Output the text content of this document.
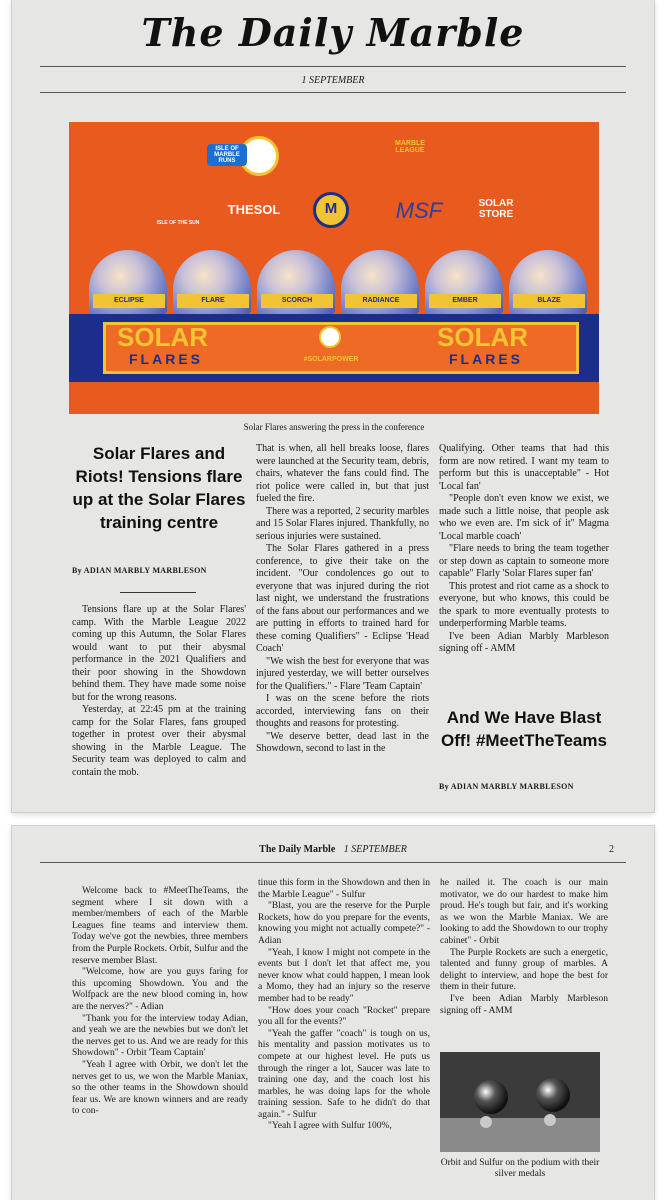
The Daily Marble
1 SEPTEMBER
ISLE OF MARBLE RUNS
MARBLE LEAGUE
ISLE OF THE SUN
THESOL	M	MSF	SOLAR STORE
ECLIPSE	FLARE	SCORCH	RADIANCE	EMBER	BLAZE
SOLAR
FLARES
SOLAR
FLARES
#SOLARPOWER
Solar Flares answering the press in the conference
Solar Flares and Riots! Tensions flare up at the Solar Flares training centre
By ADIAN MARBLY MARBLESON

Tensions flare up at the Solar Flares' camp. With the Marble League 2022 coming up this Autumn, the Solar Flares would want to put their abysmal performance in the 2021 Qualifiers and their poor showing in the Showdown behind them. They have made some noise but for the wrong reasons.

Yesterday, at 22:45 pm at the training camp for the Solar Flares, fans grouped together in protest over their abysmal showing in the Marble League. The Security team was deployed to calm and contain the mob.

That is when, all hell breaks loose, flares were launched at the Security team, debris, chairs, whatever the fans could find. The riot police were called in, but that just fueled the fire.

There was a reported, 2 security marbles and 15 Solar Flares injured. Thankfully, no serious injuries were sustained.

The Solar Flares gathered in a press conference, to give their take on the incident. "Our condolences go out to everyone that was injured during the riot last night, we understand the frustrations of the fans about our performances and we are putting in efforts to trained hard for these coming Qualifiers" - Eclipse 'Head Coach'

"We wish the best for everyone that was injured yesterday, we will better ourselves for the Qualifiers." - Flare 'Team Captain'

I was on the scene before the riots accorded, interviewing fans on their thoughts and reasons for protesting.

"We deserve better, dead last in the Showdown, second to last in the

Qualifying. Other teams that had this form are now retired. I want my team to perform but this is unacceptable" - Hot 'Local fan'

"People don't even know we exist, we made such a little noise, that people ask who we even are. I'm sick of it" Magma 'Local marble coach'

"Flare needs to bring the team together or step down as captain to someone more capable" Flarly 'Solar Flares super fan'

This protest and riot came as a shock to everyone, but who knows, this could be the spark to more eventually protests to underperforming Marble teams.

I've been Adian Marbly Marbleson signing off - AMM

And We Have Blast Off! #MeetTheTeams
By ADIAN MARBLY MARBLESON
The Daily Marble 1 SEPTEMBER	2

Welcome back to #MeetTheTeams, the segment where I sit down with a member/members of each of the Marble Leagues fine teams and interview them. Today we've got the newbies, three members from the Purple Rockets. Orbit, Sulfur and the reserve member Blast.

"Welcome, how are you guys faring for this upcoming Showdown. You and the Wolfpack are the new blood coming in, how are the nerves?" - Adian

"Thank you for the interview today Adian, and yeah we are the newbies but we don't let the nerves get to us. And we are ready for this Showdown" - Orbit 'Team Captain'

"Yeah I agree with Orbit, we don't let the nerves get to us, we won the Marble Maniax, so the other teams in the Showdown should fear us. We are known winners and are ready to con-

tinue this form in the Showdown and then in the Marble League" - Sulfur

"Blast, you are the reserve for the Purple Rockets, how do you prepare for the events, knowing you might not actually compete?" - Adian

"Yeah, I know I might not compete in the events but I don't let that affect me, you never know what could happen, I mean look a Momo, they had an injury so the reserve member had to be ready"

"How does your coach "Rocket" prepare you all for the events?"

"Yeah the gaffer "coach" is tough on us, his mentality and passion motivates us to compete at our highest level. He puts us through the ringer a lot, Saucer was late to training one day, and the coach lost his marbles, he was doing laps for the whole training session. Safe to he didn't do that again." - Sulfur

"Yeah I agree with Sulfur 100%,

he nailed it. The coach is our main motivator, we do our hardest to make him proud. He's tough but fair, and it's working as we won the Marble Maniax. We are looking to add the Showdown to our trophy cabinet" - Orbit

The Purple Rockets are such a energetic, talented and funny group of marbles. A delight to interview, and hope the best for them in their future.

I've been Adian Marbly Marbleson signing off - AMM

Orbit and Sulfur on the podium with their silver medals
